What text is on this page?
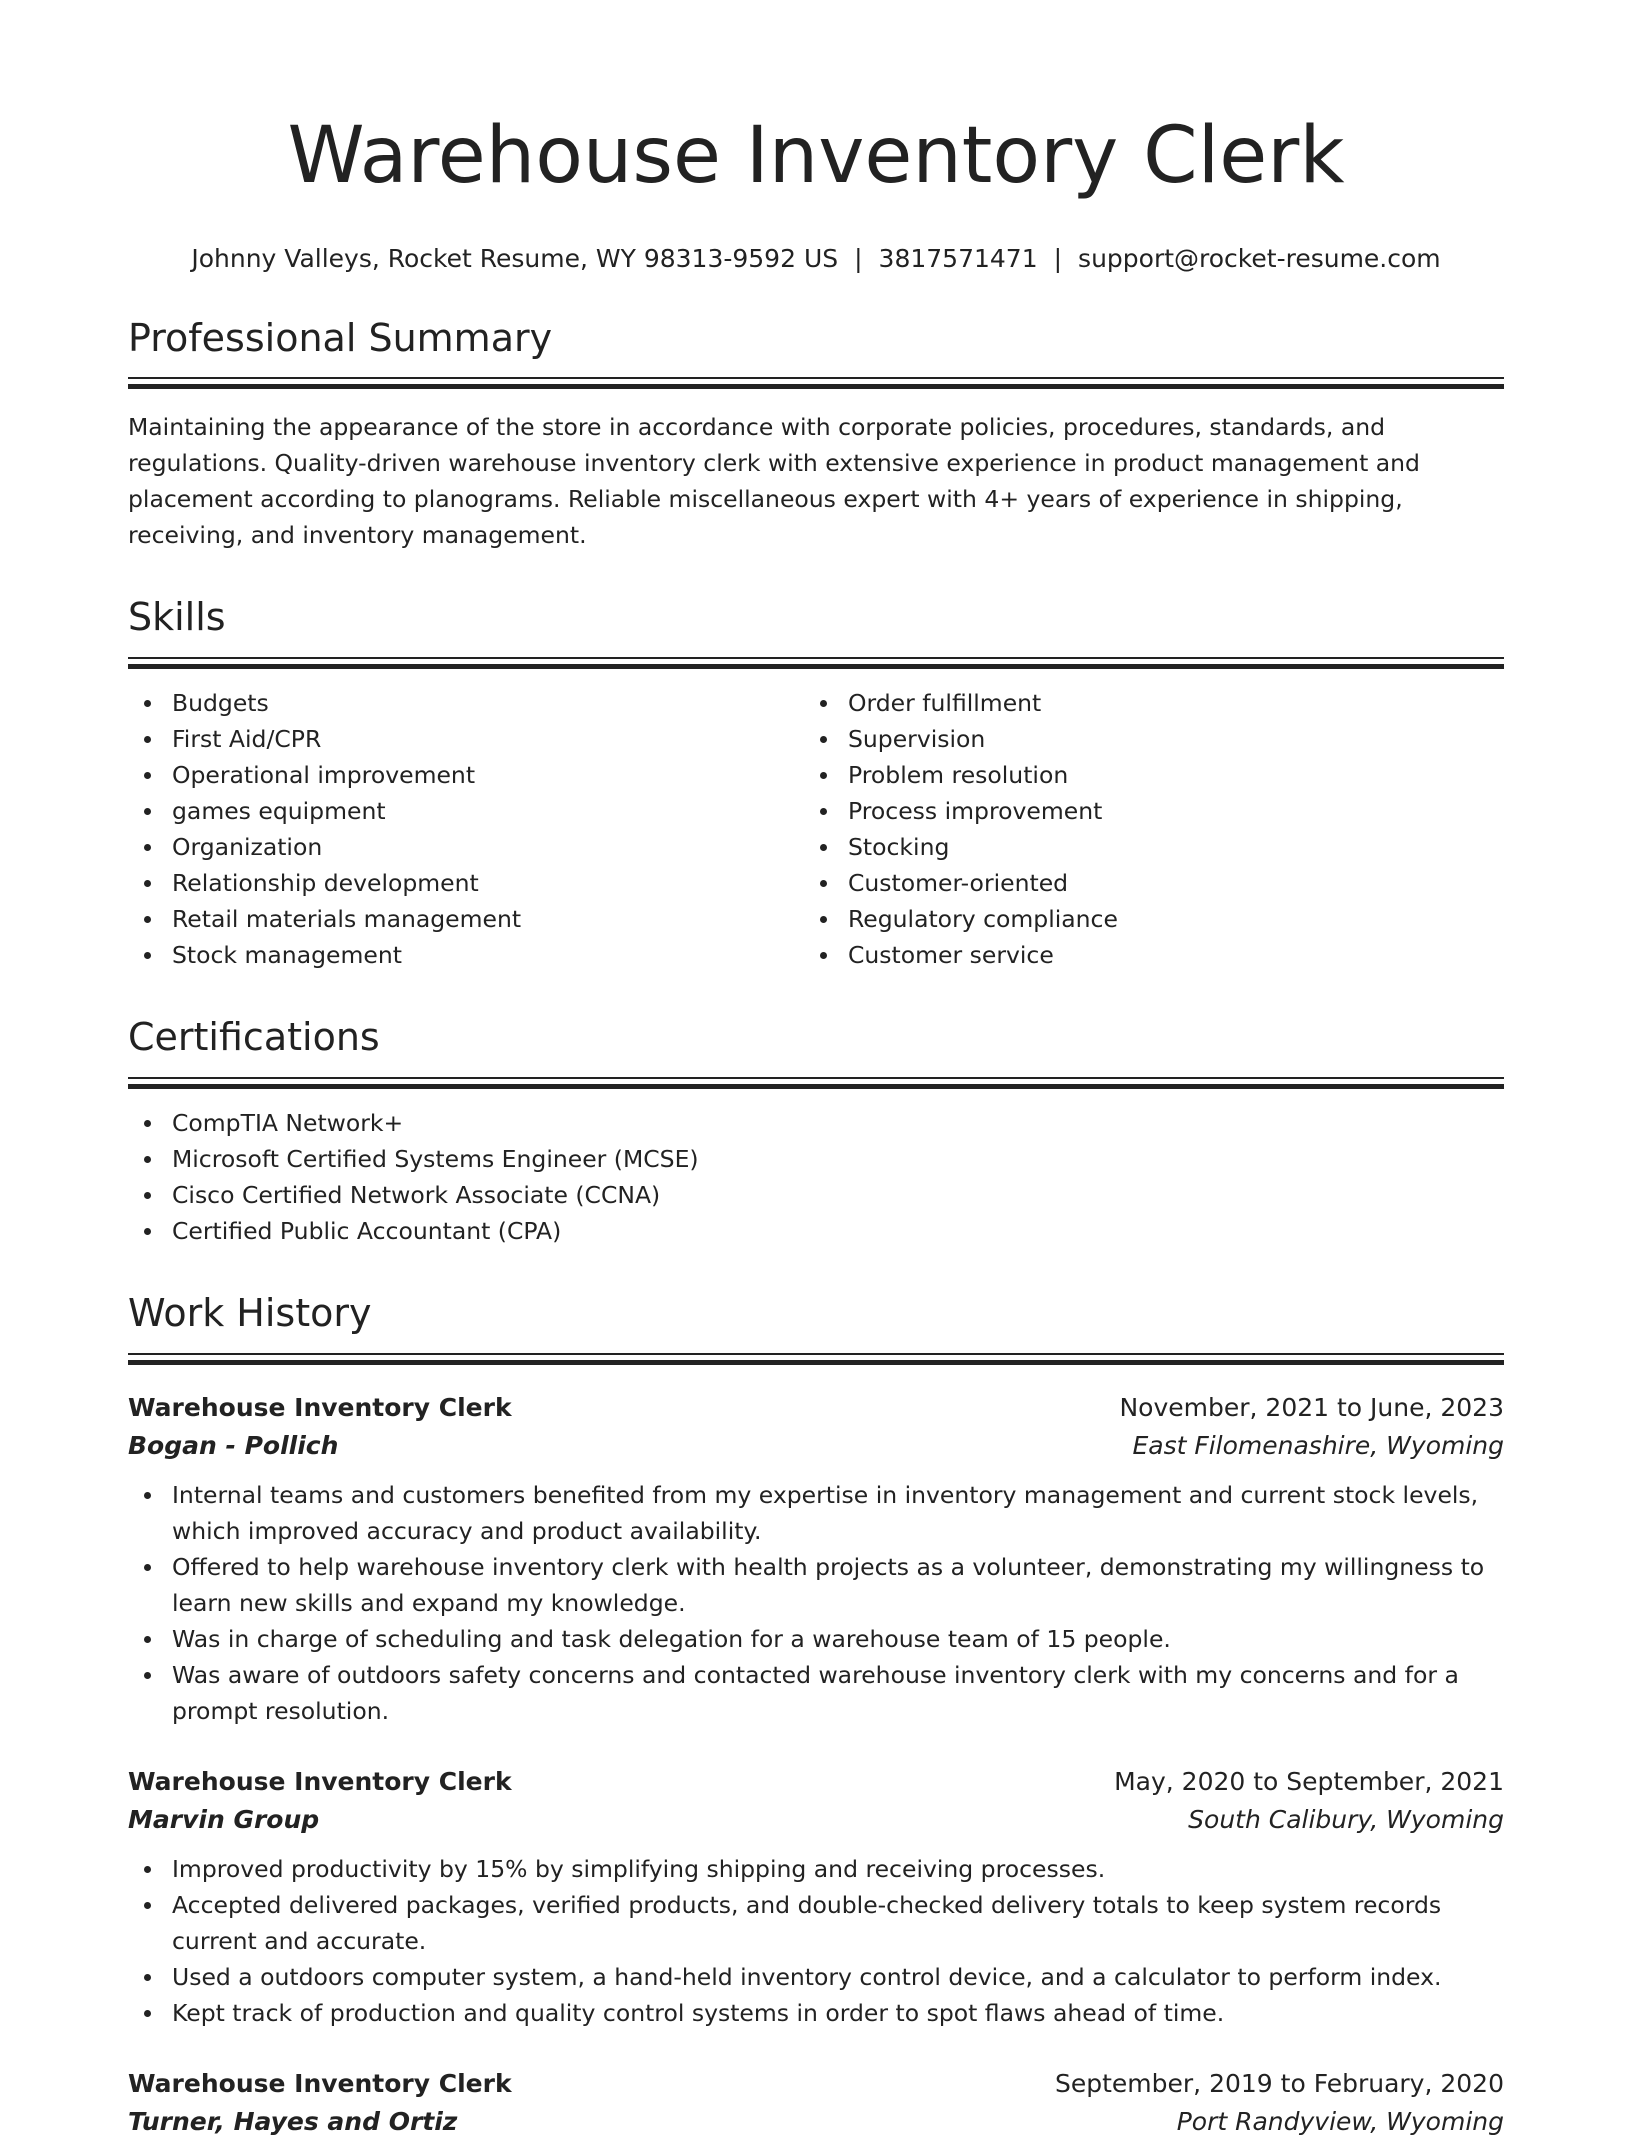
Warehouse Inventory Clerk
Johnny Valleys, Rocket Resume, WY 98313-9592 US | 3817571471 | support@rocket-resume.com
Professional Summary

Maintaining the appearance of the store in accordance with corporate policies, procedures, standards, and regulations. Quality-driven warehouse inventory clerk with extensive experience in product management and placement according to planograms. Reliable miscellaneous expert with 4+ years of experience in shipping, receiving, and inventory management.

Skills
Budgets
First Aid/CPR
Operational improvement
games equipment
Organization
Relationship development
Retail materials management
Stock management
Order fulfillment
Supervision
Problem resolution
Process improvement
Stocking
Customer-oriented
Regulatory compliance
Customer service
Certifications
CompTIA Network+
Microsoft Certified Systems Engineer (MCSE)
Cisco Certified Network Associate (CCNA)
Certified Public Accountant (CPA)
Work History
Warehouse Inventory Clerk	November, 2021 to June, 2023
Bogan - Pollich	East Filomenashire, Wyoming
Internal teams and customers benefited from my expertise in inventory management and current stock levels, which improved accuracy and product availability.
Offered to help warehouse inventory clerk with health projects as a volunteer, demonstrating my willingness to learn new skills and expand my knowledge.
Was in charge of scheduling and task delegation for a warehouse team of 15 people.
Was aware of outdoors safety concerns and contacted warehouse inventory clerk with my concerns and for a prompt resolution.
Warehouse Inventory Clerk	May, 2020 to September, 2021
Marvin Group	South Calibury, Wyoming
Improved productivity by 15% by simplifying shipping and receiving processes.
Accepted delivered packages, verified products, and double-checked delivery totals to keep system records current and accurate.
Used a outdoors computer system, a hand-held inventory control device, and a calculator to perform index.
Kept track of production and quality control systems in order to spot flaws ahead of time.
Warehouse Inventory Clerk	September, 2019 to February, 2020
Turner, Hayes and Ortiz	Port Randyview, Wyoming
